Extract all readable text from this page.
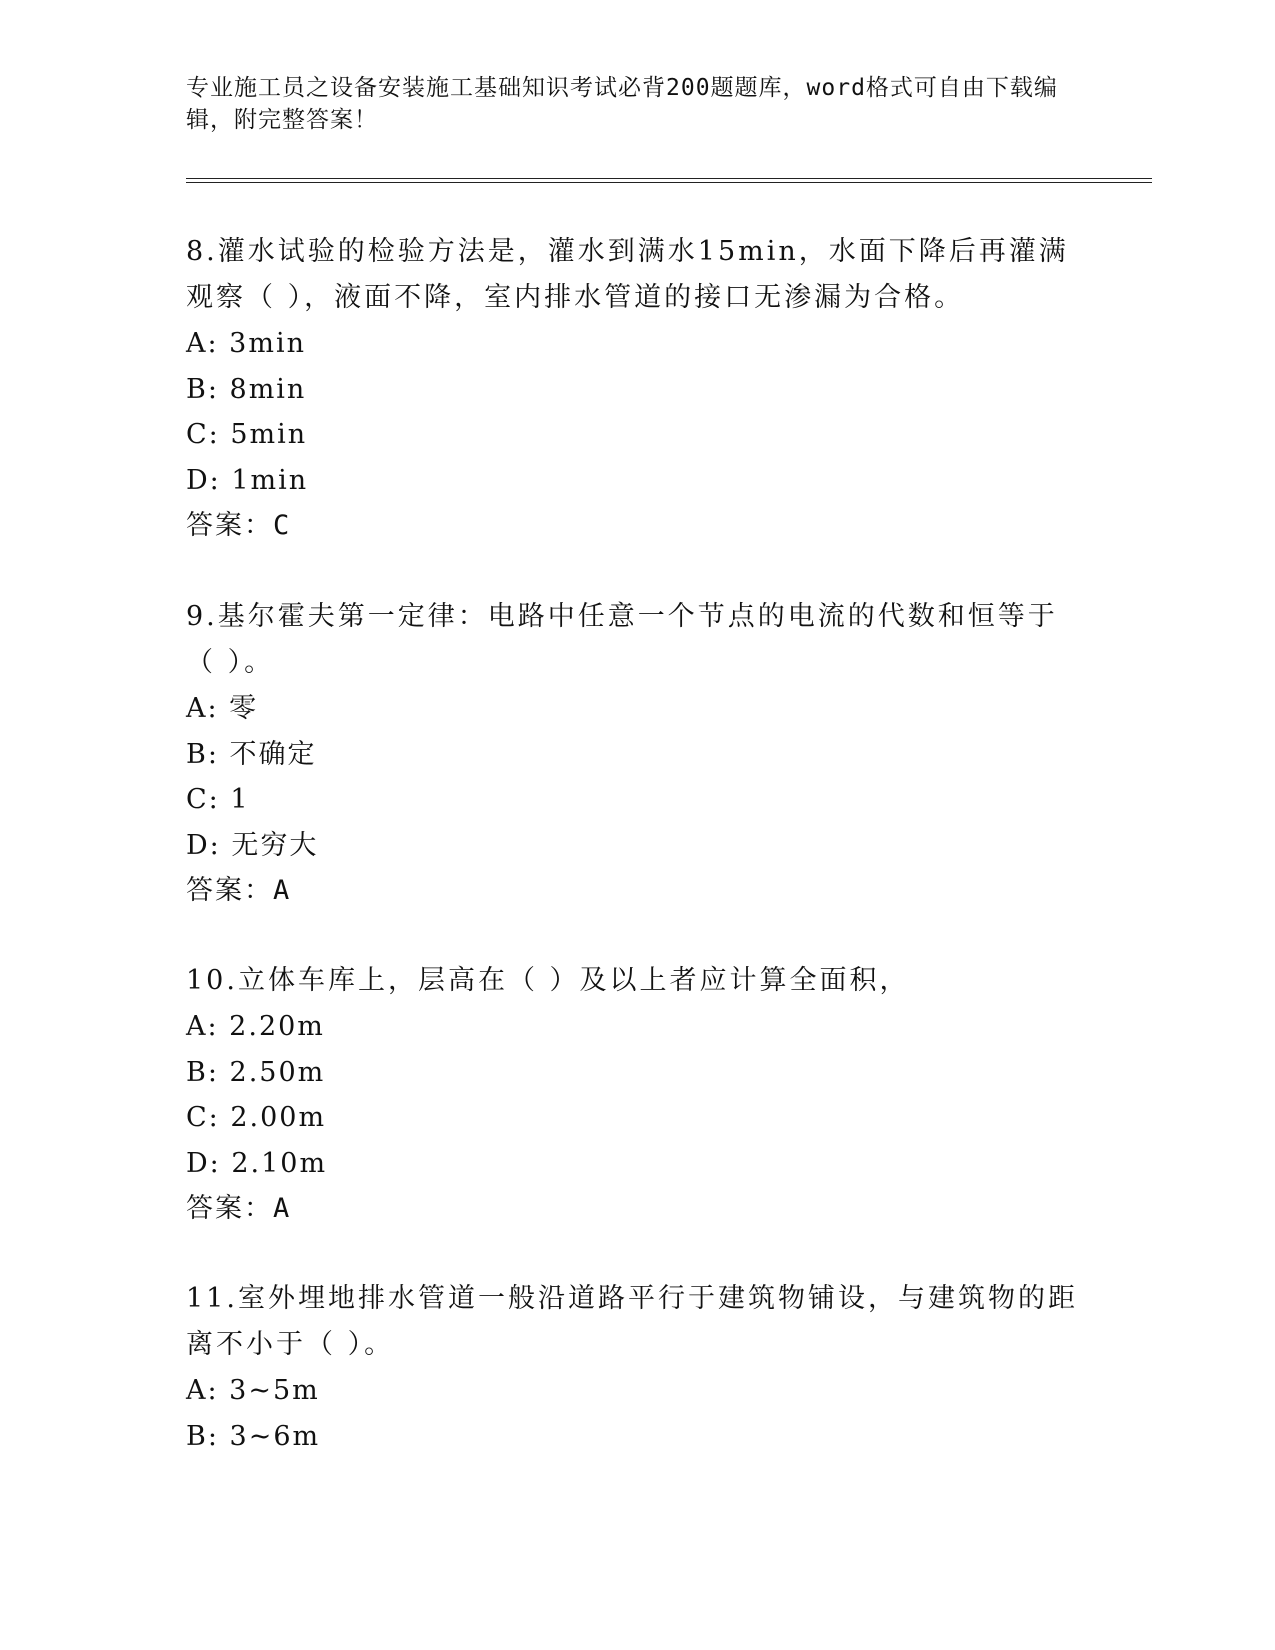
专业施工员之设备安装施工基础知识考试必背200题题库，word格式可自由下载编辑，附完整答案！

8.灌水试验的检验方法是，灌水到满水15min，水面下降后再灌满观察（ ），液面不降，室内排水管道的接口无渗漏为合格。

A: 3min
B: 8min
C: 5min
D: 1min
答案：C

9.基尔霍夫第一定律：电路中任意一个节点的电流的代数和恒等于（ ）。

A: 零
B: 不确定
C: 1
D: 无穷大
答案：A

10.立体车库上，层高在（ ）及以上者应计算全面积，

A: 2.20m
B: 2.50m
C: 2.00m
D: 2.10m
答案：A

11.室外埋地排水管道一般沿道路平行于建筑物铺设，与建筑物的距离不小于（ ）。

A: 3~5m
B: 3~6m
